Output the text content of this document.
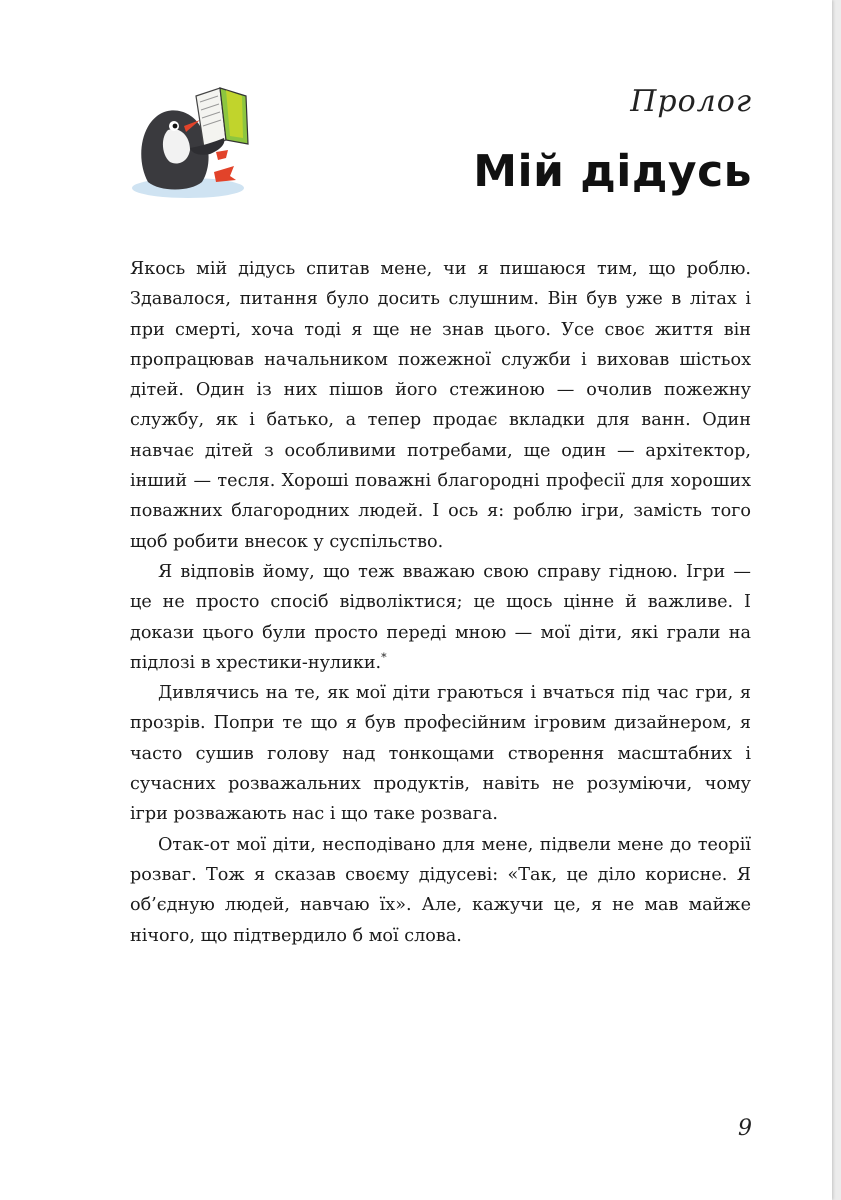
Пролог
Мій дідусь

Якось мій дідусь спитав мене, чи я пишаюся тим, що роблю. Здавалося, питання було досить слушним. Він був уже в літах і при смерті, хоча тоді я ще не знав цього. Усе своє життя він пропрацював начальником пожежної служби і виховав шістьох дітей. Один із них пішов його стежиною — очолив пожежну службу, як і батько, а тепер продає вкладки для ванн. Один навчає дітей з особливими потребами, ще один — архітектор, інший — тесля. Хороші поважні благородні професії для хороших поважних благородних людей. І ось я: роблю ігри, замість того щоб робити внесок у суспільство.

Я відповів йому, що теж вважаю свою справу гідною. Ігри — це не просто спосіб відволіктися; це щось цінне й важливе. І докази цього були просто переді мною — мої діти, які грали на підлозі в хрестики-нулики.*

Дивлячись на те, як мої діти граються і вчаться під час гри, я прозрів. Попри те що я був професійним ігровим дизайнером, я часто сушив голову над тонкощами створення масштабних і сучасних розважальних продуктів, навіть не розуміючи, чому ігри розважають нас і що таке розвага.

Отак-от мої діти, несподівано для мене, підвели мене до теорії розваг. Тож я сказав своєму дідусеві: «Так, це діло корисне. Я об’єдную людей, навчаю їх». Але, кажучи це, я не мав майже нічого, що підтвердило б мої слова.

9
